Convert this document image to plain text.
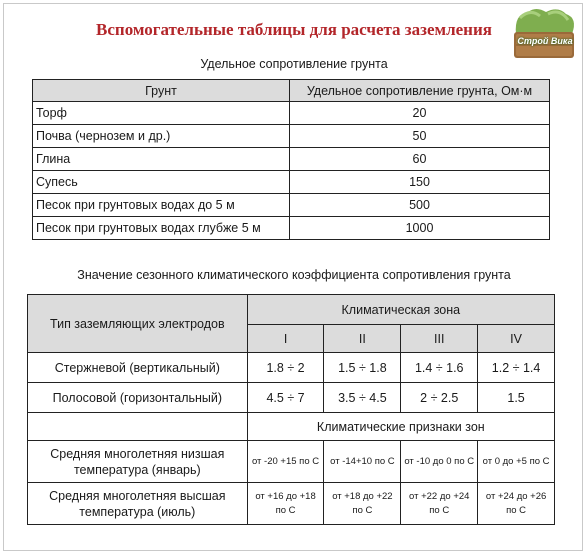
Вспомогательные таблицы для расчета заземления
Строй Вика
Удельное сопротивление грунта
Грунт	Удельное сопротивление грунта, Ом·м
Торф	20
Почва (чернозем и др.)	50
Глина	60
Супесь	150
Песок при грунтовых водах до 5 м	500
Песок при грунтовых водах глубже 5 м	1000
Значение сезонного климатического коэффициента сопротивления грунта
Тип заземляющих электродов	Климатическая зона			
	I	II	III	IV
Стержневой (вертикальный)	1.8 ÷ 2	1.5 ÷ 1.8	1.4 ÷ 1.6	1.2 ÷ 1.4
Полосовой (горизонтальный)	4.5 ÷ 7	3.5 ÷ 4.5	2 ÷ 2.5	1.5
	Климатические признаки зон			
Средняя многолетняя низшая температура (январь)	от -20 +15 по С	от -14+10 по С	от -10 до 0 по С	от 0 до +5 по С
Средняя многолетняя высшая температура (июль)	от +16 до +18 по С	от +18 до +22 по С	от +22 до +24 по С	от +24 до +26 по С
